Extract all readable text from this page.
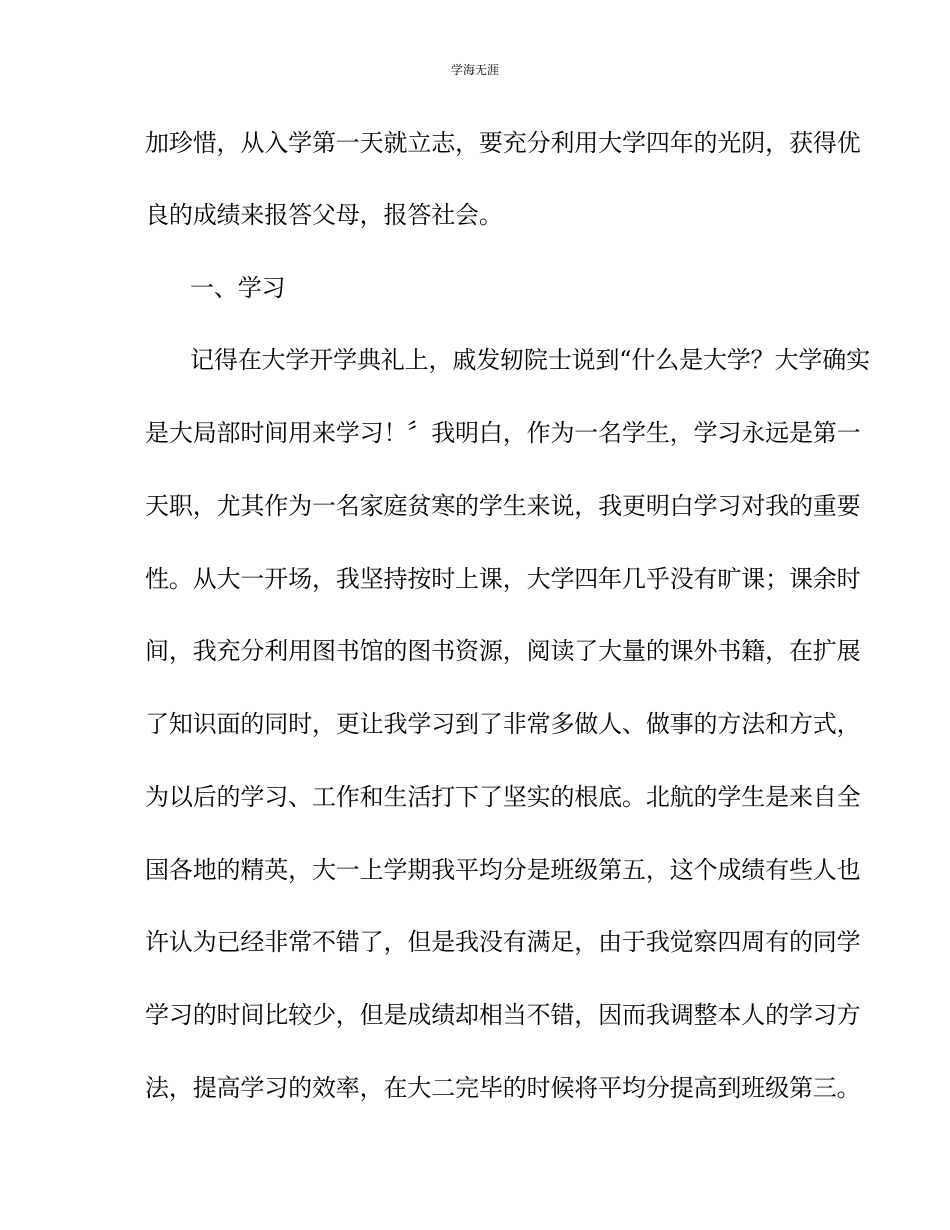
学海无涯
加珍惜，从入学第一天就立志，要充分利用大学四年的光阴，获得优
良的成绩来报答父母，报答社会。
一、学习
记得在大学开学典礼上，戚发轫院士说到“什么是大学？大学确实
是大局部时间用来学习！〞我明白，作为一名学生，学习永远是第一
天职，尤其作为一名家庭贫寒的学生来说，我更明白学习对我的重要
性。从大一开场，我坚持按时上课，大学四年几乎没有旷课；课余时
间，我充分利用图书馆的图书资源，阅读了大量的课外书籍，在扩展
了知识面的同时，更让我学习到了非常多做人、做事的方法和方式，
为以后的学习、工作和生活打下了坚实的根底。北航的学生是来自全
国各地的精英，大一上学期我平均分是班级第五，这个成绩有些人也
许认为已经非常不错了，但是我没有满足，由于我觉察四周有的同学
学习的时间比较少，但是成绩却相当不错，因而我调整本人的学习方
法，提高学习的效率，在大二完毕的时候将平均分提高到班级第三。
